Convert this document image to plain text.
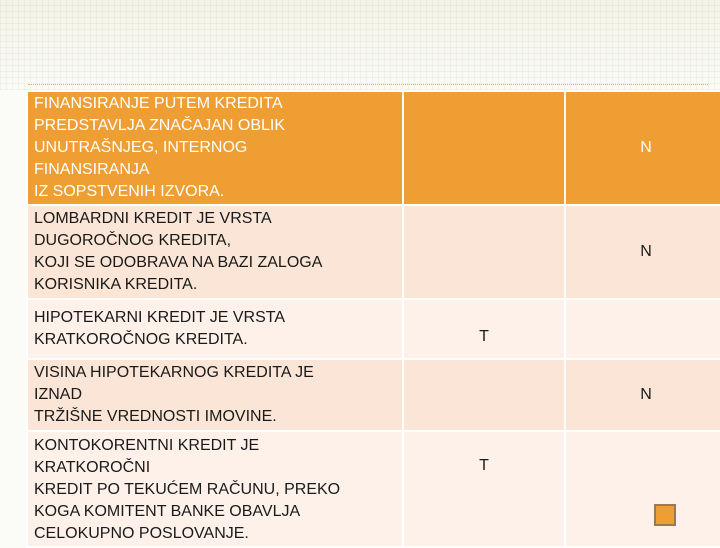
FINANSIRANJE PUTEM KREDITA
PREDSTAVLJA ZNAČAJAN OBLIK
UNUTRAŠNJEG, INTERNOG
FINANSIRANJA
IZ SOPSTVENIH IZVORA.		N
LOMBARDNI KREDIT JE VRSTA
DUGOROČNOG KREDITA,
KOJI SE ODOBRAVA NA BAZI ZALOGA
KORISNIKA KREDITA.		N
HIPOTEKARNI KREDIT JE VRSTA
KRATKOROČNOG KREDITA.	T	
VISINA HIPOTEKARNOG KREDITA JE
IZNAD
TRŽIŠNE VREDNOSTI IMOVINE.		N
KONTOKORENTNI KREDIT JE
KRATKOROČNI
KREDIT PO TEKUĆEM RAČUNU, PREKO
KOGA KOMITENT BANKE OBAVLJA
CELOKUPNO POSLOVANJE.	T	
